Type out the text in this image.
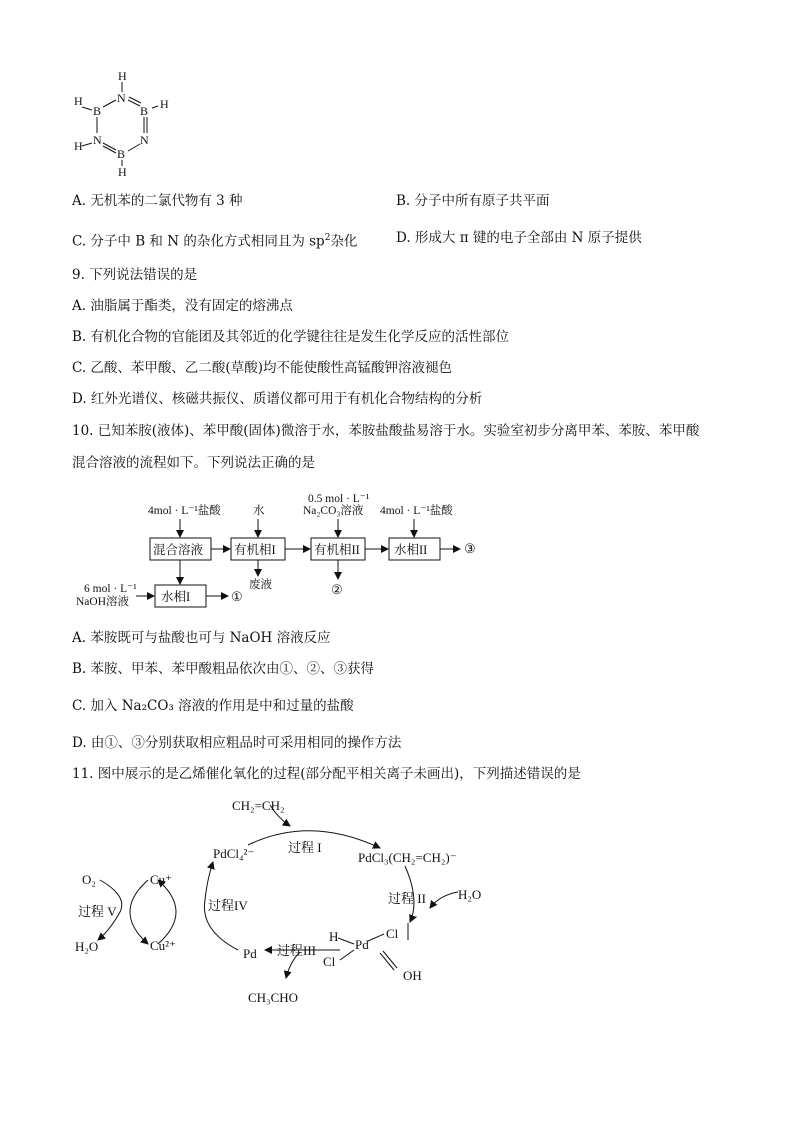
H
N
B
H	H
B
N	N
B
H
H
A. 无机苯的二氯代物有 3 种	B. 分子中所有原子共平面
C. 分子中 B 和 N 的杂化方式相同且为 $sp^2$杂化	D. 形成大 π 键的电子全部由 N 原子提供
9. 下列说法错误的是
A. 油脂属于酯类，没有固定的熔沸点
B. 有机化合物的官能团及其邻近的化学键往往是发生化学反应的活性部位
C. 乙酸、苯甲酸、乙二酸(草酸)均不能使酸性高锰酸钾溶液褪色
D. 红外光谱仪、核磁共振仪、质谱仪都可用于有机化合物结构的分析
10. 已知苯胺(液体)、苯甲酸(固体)微溶于水，苯胺盐酸盐易溶于水。实验室初步分离甲苯、苯胺、苯甲酸
混合溶液的流程如下。下列说法正确的是
混合溶液 有机相I	有机相II	水相II
水相I
4mol · L⁻¹盐酸	水
0.5 mol · L⁻¹
Na₂CO₃溶液 4mol · L⁻¹盐酸
6 mol · L⁻¹
NaOH溶液
废液
①	②
③
A. 苯胺既可与盐酸也可与 NaOH 溶液反应
B. 苯胺、甲苯、苯甲酸粗品依次由①、②、③获得
C. 加入 Na₂CO₃ 溶液的作用是中和过量的盐酸
D. 由①、③分别获取相应粗品时可采用相同的操作方法
11. 图中展示的是乙烯催化氧化的过程(部分配平相关离子未画出)，下列描述错误的是
CH₂=CH₂
PdCl₄²⁻	过程 I
PdCl₃(CH₂=CH₂)⁻
过程 II H₂O
过程III
过程IV
过程 V
Pd
CH₃CHO
O₂
H₂O
Cu⁺
Cu²⁺
H
Pd
Cl
Cl
OH
⁻
